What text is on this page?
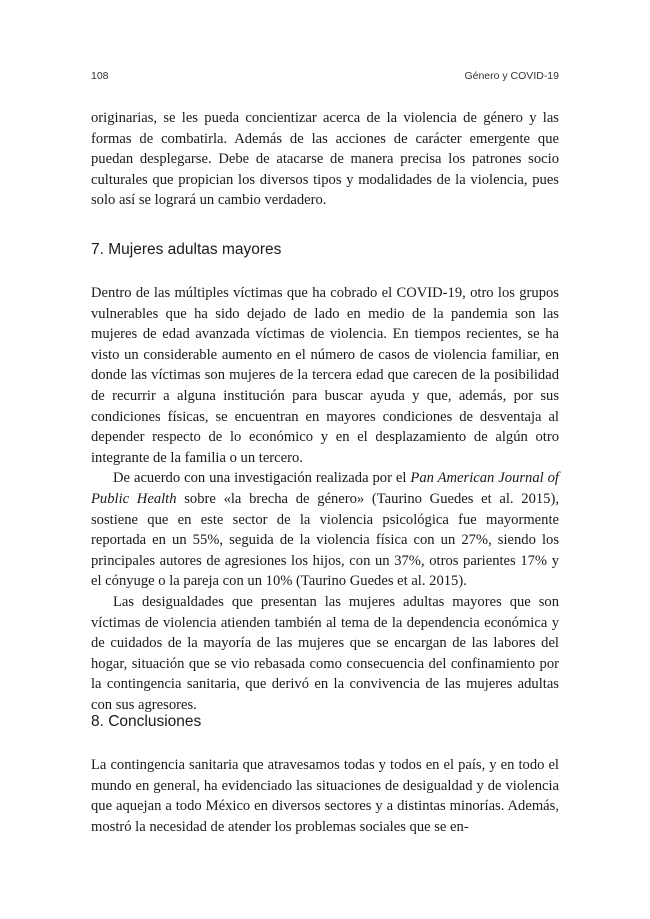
108	Género y COVID-19

originarias, se les pueda concientizar acerca de la violencia de género y las formas de combatirla. Además de las acciones de carácter emergente que puedan desplegarse. Debe de atacarse de manera precisa los patrones socio culturales que propician los diversos tipos y modalidades de la violencia, pues solo así se logrará un cambio verdadero.

7. Mujeres adultas mayores

Dentro de las múltiples víctimas que ha cobrado el COVID-19, otro los grupos vulnerables que ha sido dejado de lado en medio de la pandemia son las mujeres de edad avanzada víctimas de violencia. En tiempos recientes, se ha visto un considerable aumento en el número de casos de violencia familiar, en donde las víctimas son mujeres de la tercera edad que carecen de la posibilidad de recurrir a alguna institución para buscar ayuda y que, además, por sus condiciones físicas, se encuentran en mayores condiciones de desventaja al depender respecto de lo económico y en el desplazamiento de algún otro integrante de la familia o un tercero.

De acuerdo con una investigación realizada por el Pan American Journal of Public Health sobre «la brecha de género» (Taurino Guedes et al. 2015), sostiene que en este sector de la violencia psicológica fue mayormente reportada en un 55%, seguida de la violencia física con un 27%, siendo los principales autores de agresiones los hijos, con un 37%, otros parientes 17% y el cónyuge o la pareja con un 10% (Taurino Guedes et al. 2015).

Las desigualdades que presentan las mujeres adultas mayores que son víctimas de violencia atienden también al tema de la dependencia económica y de cuidados de la mayoría de las mujeres que se encargan de las labores del hogar, situación que se vio rebasada como consecuencia del confinamiento por la contingencia sanitaria, que derivó en la convivencia de las mujeres adultas con sus agresores.

8. Conclusiones

La contingencia sanitaria que atravesamos todas y todos en el país, y en todo el mundo en general, ha evidenciado las situaciones de desigualdad y de violencia que aquejan a todo México en diversos sectores y a distintas minorías. Además, mostró la necesidad de atender los problemas sociales que se en-
